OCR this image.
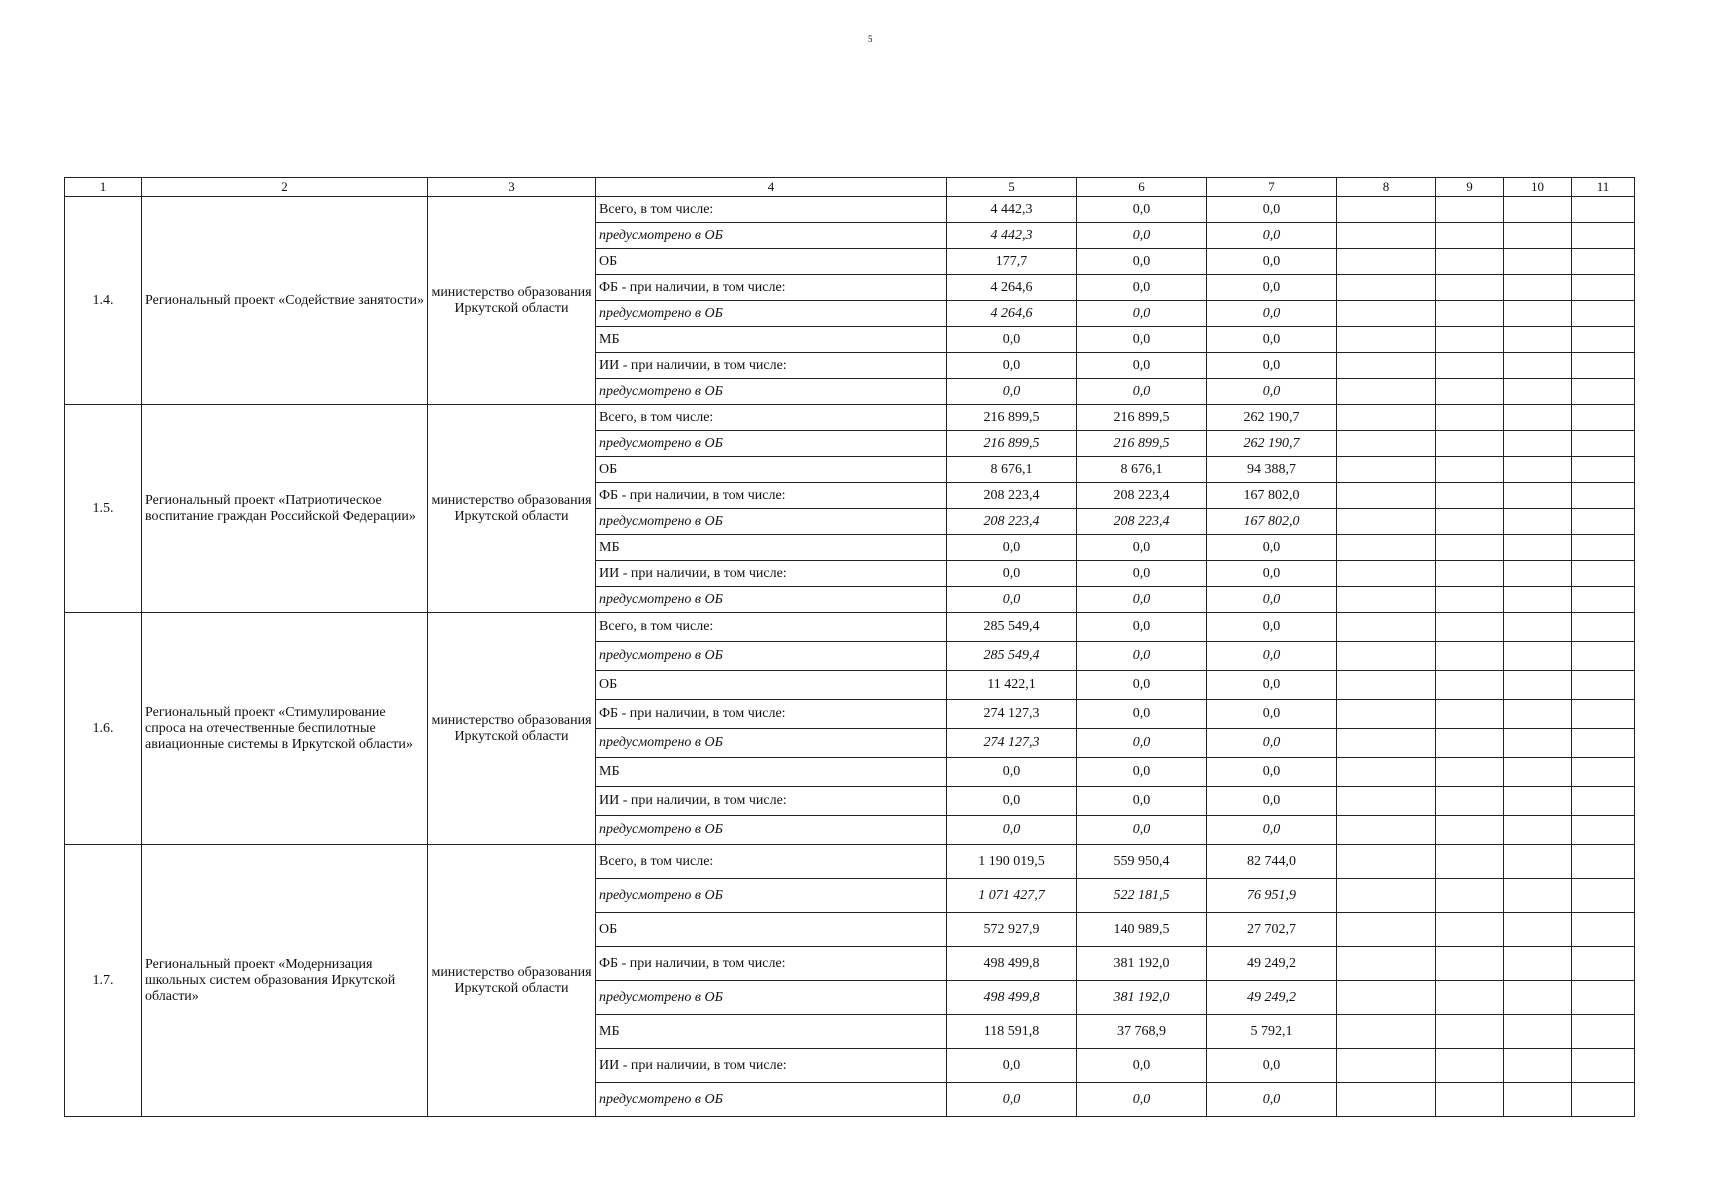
5
1	2	3	4	5	6	7	8	9	10	11
1.4.	Региональный проект «Содействие занятости»	министерство образования Иркутской области	Всего, в том числе:	4 442,3	0,0	0,0				
			предусмотрено в ОБ	4 442,3	0,0	0,0				
			ОБ	177,7	0,0	0,0				
			ФБ - при наличии, в том числе:	4 264,6	0,0	0,0				
			предусмотрено в ОБ	4 264,6	0,0	0,0				
			МБ	0,0	0,0	0,0				
			ИИ - при наличии, в том числе:	0,0	0,0	0,0				
			предусмотрено в ОБ	0,0	0,0	0,0				
1.5.	Региональный проект «Патриотическое воспитание граждан Российской Федерации»	министерство образования Иркутской области	Всего, в том числе:	216 899,5	216 899,5	262 190,7				
			предусмотрено в ОБ	216 899,5	216 899,5	262 190,7				
			ОБ	8 676,1	8 676,1	94 388,7				
			ФБ - при наличии, в том числе:	208 223,4	208 223,4	167 802,0				
			предусмотрено в ОБ	208 223,4	208 223,4	167 802,0				
			МБ	0,0	0,0	0,0				
			ИИ - при наличии, в том числе:	0,0	0,0	0,0				
			предусмотрено в ОБ	0,0	0,0	0,0				
1.6.	Региональный проект «Стимулирование спроса на отечественные беспилотные авиационные системы в Иркутской области»	министерство образования Иркутской области	Всего, в том числе:	285 549,4	0,0	0,0				
			предусмотрено в ОБ	285 549,4	0,0	0,0				
			ОБ	11 422,1	0,0	0,0				
			ФБ - при наличии, в том числе:	274 127,3	0,0	0,0				
			предусмотрено в ОБ	274 127,3	0,0	0,0				
			МБ	0,0	0,0	0,0				
			ИИ - при наличии, в том числе:	0,0	0,0	0,0				
			предусмотрено в ОБ	0,0	0,0	0,0				
1.7.	Региональный проект «Модернизация школьных систем образования Иркутской области»	министерство образования Иркутской области	Всего, в том числе:	1 190 019,5	559 950,4	82 744,0				
			предусмотрено в ОБ	1 071 427,7	522 181,5	76 951,9				
			ОБ	572 927,9	140 989,5	27 702,7				
			ФБ - при наличии, в том числе:	498 499,8	381 192,0	49 249,2				
			предусмотрено в ОБ	498 499,8	381 192,0	49 249,2				
			МБ	118 591,8	37 768,9	5 792,1				
			ИИ - при наличии, в том числе:	0,0	0,0	0,0				
			предусмотрено в ОБ	0,0	0,0	0,0				
